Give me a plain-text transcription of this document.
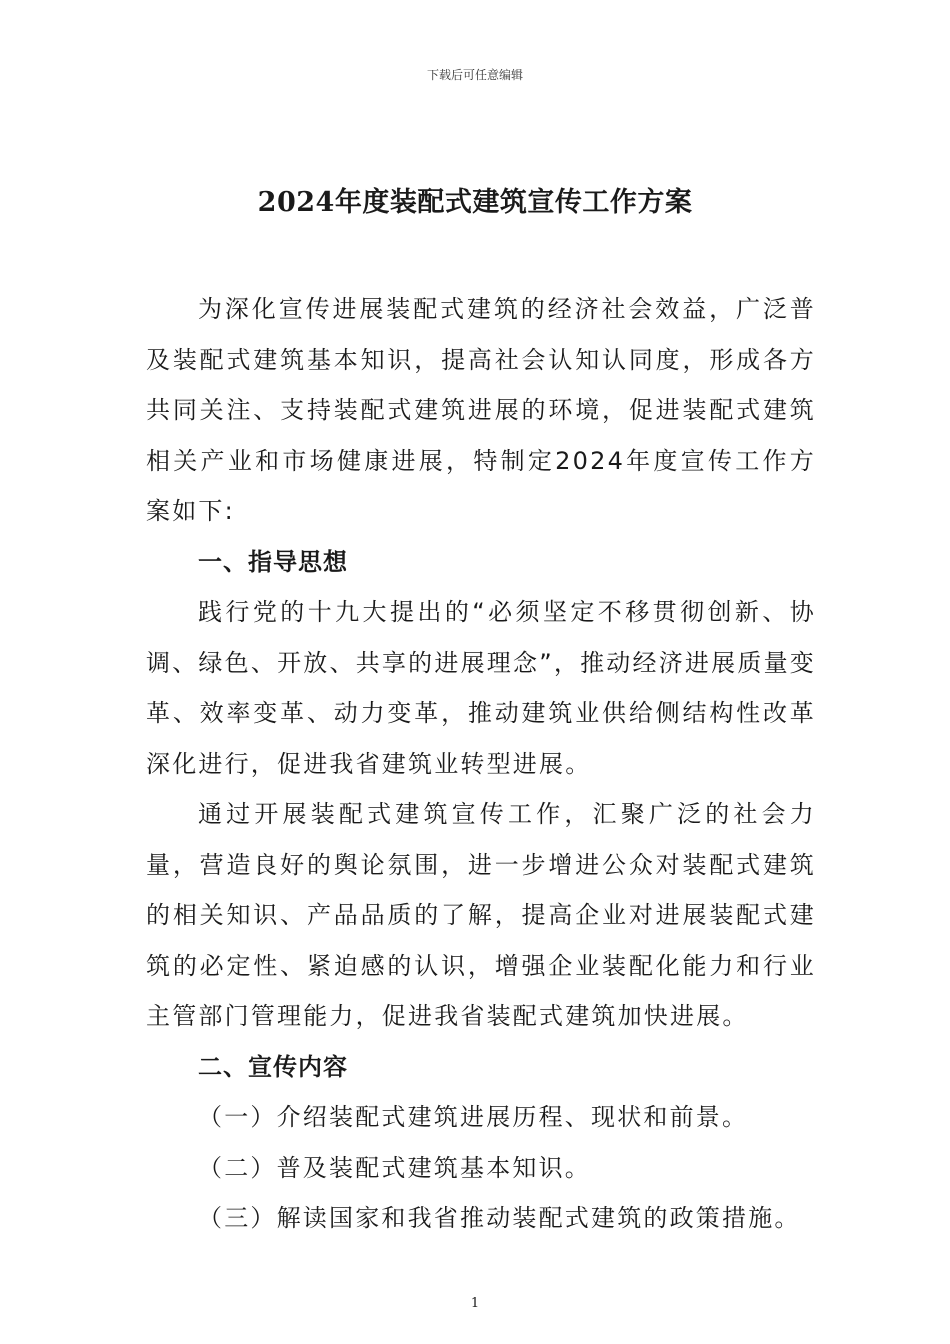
下载后可任意编辑
2024年度装配式建筑宣传工作方案

为深化宣传进展装配式建筑的经济社会效益，广泛普及装配式建筑基本知识，提高社会认知认同度，形成各方共同关注、支持装配式建筑进展的环境，促进装配式建筑相关产业和市场健康进展，特制定2024年度宣传工作方案如下:

一、指导思想

践行党的十九大提出的“必须坚定不移贯彻创新、协调、绿色、开放、共享的进展理念”，推动经济进展质量变革、效率变革、动力变革，推动建筑业供给侧结构性改革深化进行，促进我省建筑业转型进展。

通过开展装配式建筑宣传工作，汇聚广泛的社会力量，营造良好的舆论氛围，进一步增进公众对装配式建筑的相关知识、产品品质的了解，提高企业对进展装配式建筑的必定性、紧迫感的认识，增强企业装配化能力和行业主管部门管理能力，促进我省装配式建筑加快进展。

二、宣传内容

（一）介绍装配式建筑进展历程、现状和前景。

（二）普及装配式建筑基本知识。

（三）解读国家和我省推动装配式建筑的政策措施。

1
